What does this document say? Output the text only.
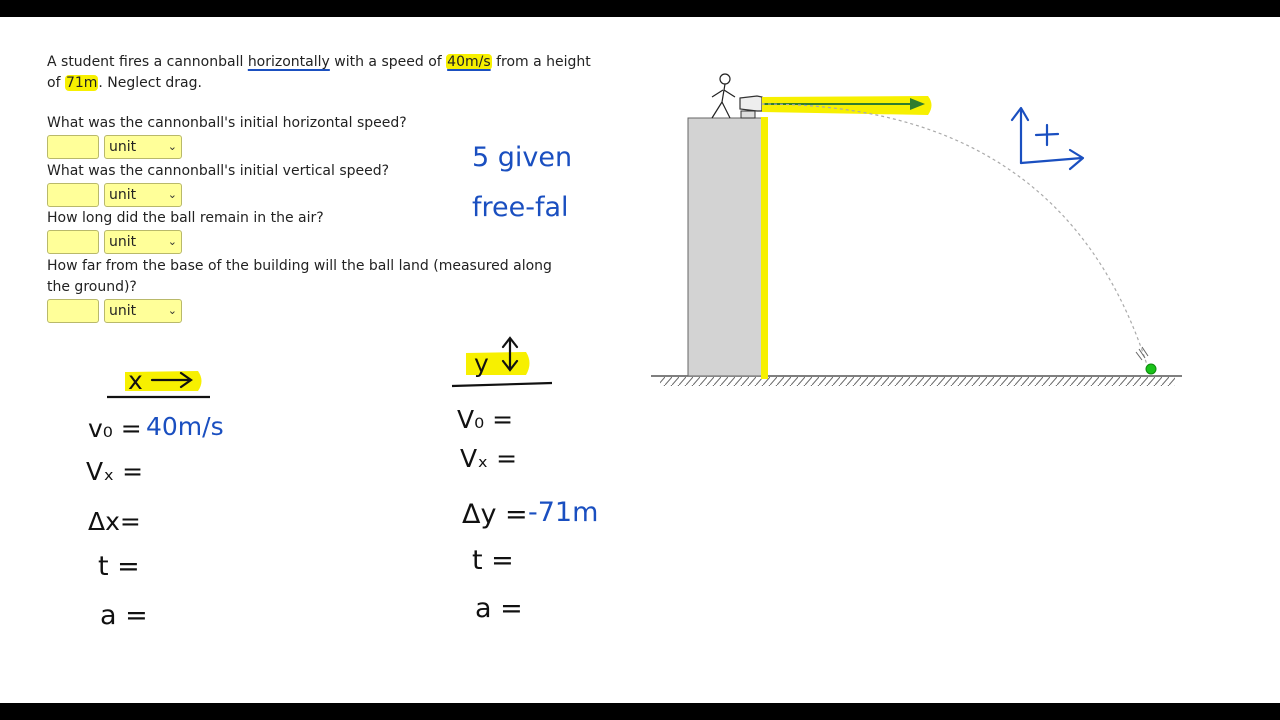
A student fires a cannonball horizontally with a speed of 40m/s from a height of 71m. Neglect drag.
What was the cannonball's initial horizontal speed?
unit	⌄
What was the cannonball's initial vertical speed?
unit	⌄
How long did the ball remain in the air?
unit	⌄
How far from the base of the building will the ball land (measured along the ground)?
unit	⌄
5 given
free-fal
x
v₀ = 40m/s
Vₓ =
Δx=
t =
a =
y
V₀ =
Vₓ =
Δy = -71m
t =
a =
